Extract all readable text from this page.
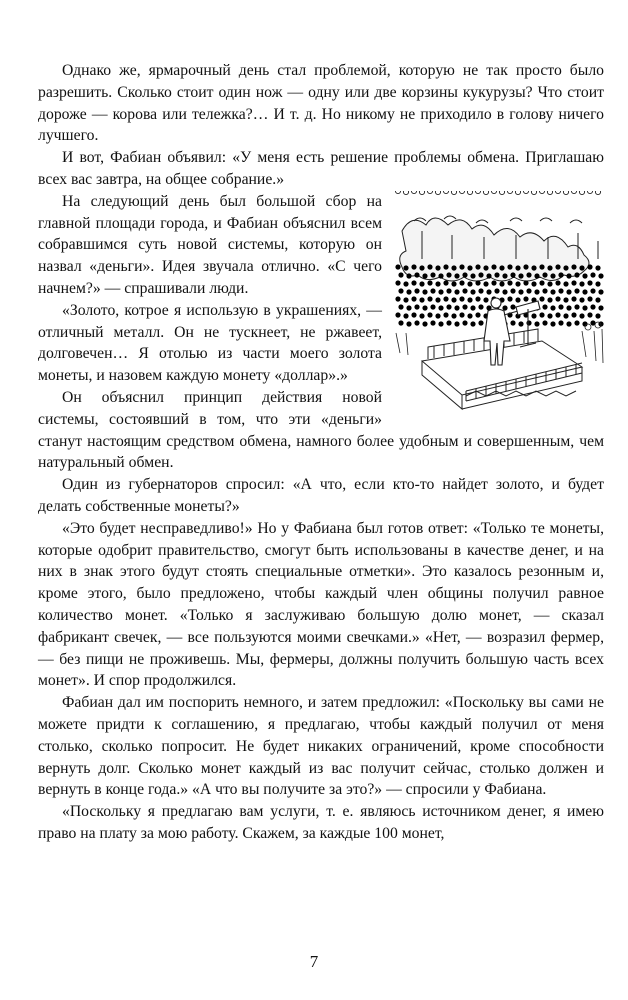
Однако же, ярмарочный день стал проблемой, которую не так просто было разрешить. Сколько стоит один нож — одну или две корзины кукурузы? Что стоит дороже — корова или тележка?… И т. д. Но никому не приходило в голову ничего лучшего.

И вот, Фабиан объявил: «У меня есть решение проблемы обмена. Приглашаю всех вас завтра, на общее собрание.»

На следующий день был большой сбор на главной площади города, и Фабиан объяснил всем собравшимся суть новой системы, которую он назвал «деньги». Идея звучала отлично. «С чего начнем?» — спрашивали люди.

«Золото, котрое я использую в украшениях, — отличный металл. Он не тускнеет, не ржавеет, долговечен… Я отолью из части моего золота монеты, и назовем каждую монету «доллар».»

Он объяснил принцип действия новой системы, состоявший в том, что эти «деньги» станут настоящим средством обмена, намного более удобным и совершенным, чем натуральный обмен.

Один из губернаторов спросил: «А что, если кто-то найдет золото, и будет делать собственные монеты?»

«Это будет несправедливо!» Но у Фабиана был готов ответ: «Только те монеты, которые одобрит правительство, смогут быть использованы в качестве денег, и на них в знак этого будут стоять специальные отметки». Это казалось резонным и, кроме этого, было предложено, чтобы каждый член общины получил равное количество монет. «Только я заслуживаю большую долю монет, — сказал фабрикант свечек, — все пользуются моими свечками.» «Нет, — возразил фермер, — без пищи не проживешь. Мы, фермеры, должны получить большую часть всех монет». И спор продолжился.

Фабиан дал им поспорить немного, и затем предложил: «Поскольку вы сами не можете придти к соглашению, я предлагаю, чтобы каждый получил от меня столько, сколько попросит. Не будет никаких ограничений, кроме способности вернуть долг. Сколько монет каждый из вас получит сейчас, столько должен и вернуть в конце года.» «А что вы получите за это?» — спросили у Фабиана.

«Поскольку я предлагаю вам услуги, т. е. являюсь источником денег, я имею право на плату за мою работу. Скажем, за каждые 100 монет,

7
